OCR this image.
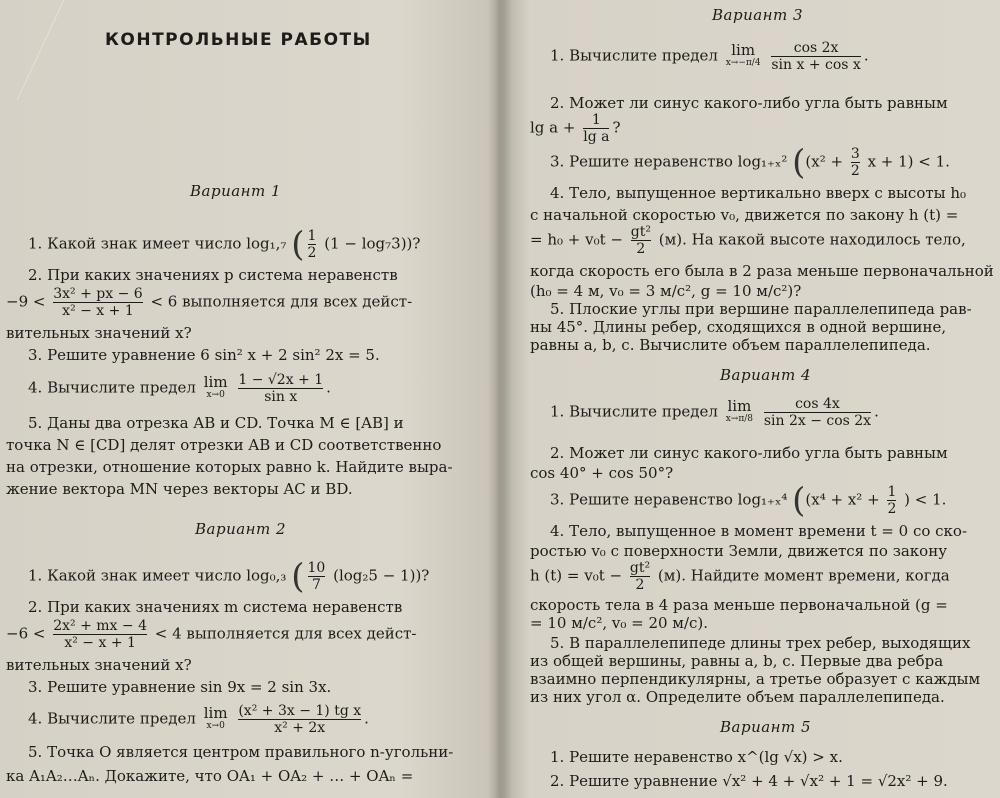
КОНТРОЛЬНЫЕ РАБОТЫ
Вариант 1
1. Какой знак имеет число log₁,₇ ( $\frac{1}{2} (1 - \log_73)$)?
2. При каких значениях p система неравенств
$-9 < \frac{\text{3x² + px − 6}}{\text{x² − x + 1}} < 6$ выполняется для всех дейст-
вительных значений x?
3. Решите уравнение 6 sin² x + 2 sin² 2x = 5.
4. Вычислите предел lim
x→0
$\frac{1 - √2x + 1}{\text{sin x}}$ .
5. Даны два отрезка AB и CD. Точка M ∈ [AB] и
точка N ∈ [CD] делят отрезки AB и CD соответственно
на отрезки, отношение которых равно k. Найдите выра-
жение вектора MN через векторы AC и BD.
Вариант 2
1. Какой знак имеет число log₀,₃ ( $\frac{10}{7} (\log_25 - 1)$)?
2. При каких значениях m система неравенств
$-6 < \frac{\text{2x² + mx − 4}}{\text{x² − x + 1}} < 4$ выполняется для всех дейст-
вительных значений x?
3. Решите уравнение sin 9x = 2 sin 3x.
4. Вычислите предел lim
x→0
$\frac{\text{(x² + 3x − 1) tg x}}{\text{x² + 2x}}$ .
5. Точка O является центром правильного n-угольни-
ка A₁A₂…Aₙ. Докажите, что OA₁ + OA₂ + … + OAₙ =
Вариант 3
1. Вычислите предел lim
x→−π/4
$\frac{\cos 2x}{\text{sin x + cos x}}$ .
2. Может ли синус какого-либо угла быть равным
$\lg a + \frac{1}{\text{lg a}}$ ?
3. Решите неравенство log₁₊ₓ² (($x^2 + \frac{3}{2}$ x + 1) < 1.
4. Тело, выпущенное вертикально вверх с высоты h₀
с начальной скоростью v₀, движется по закону h (t) =
= $h_0 + v_0t - \frac{\text{gt²}}{2} (м)$. На какой высоте находилось тело,
когда скорость его была в 2 раза меньше первоначальной
(h₀ = 4 м, v₀ = 3 м/с², g = 10 м/с²)?
5. Плоские углы при вершине параллелепипеда рав-
ны 45°. Длины ребер, сходящихся в одной вершине,
равны a, b, c. Вычислите объем параллелепипеда.
Вариант 4
1. Вычислите предел lim
x→π/8
$\frac{\cos 4x}{\sin 2x - \cos 2x}$ .
2. Может ли синус какого-либо угла быть равным
cos 40° + cos 50°?
3. Решите неравенство log₁₊ₓ⁴ (($x^4 + x^2 + \frac{1}{2}$ ) < 1.
4. Тело, выпущенное в момент времени t = 0 со ско-
ростью v₀ с поверхности Земли, движется по закону
h $(t) = v_0t - \frac{\text{gt²}}{2} (м)$. Найдите момент времени, когда
скорость тела в 4 раза меньше первоначальной (g =
= 10 м/с², v₀ = 20 м/с).
5. В параллелепипеде длины трех ребер, выходящих
из общей вершины, равны a, b, c. Первые два ребра
взаимно перпендикулярны, а третье образует с каждым
из них угол α. Определите объем параллелепипеда.
Вариант 5
1. Решите неравенство x^(lg √x) > x.
2. Решите уравнение √x² + 4 + √x² + 1 = √2x² + 9.
